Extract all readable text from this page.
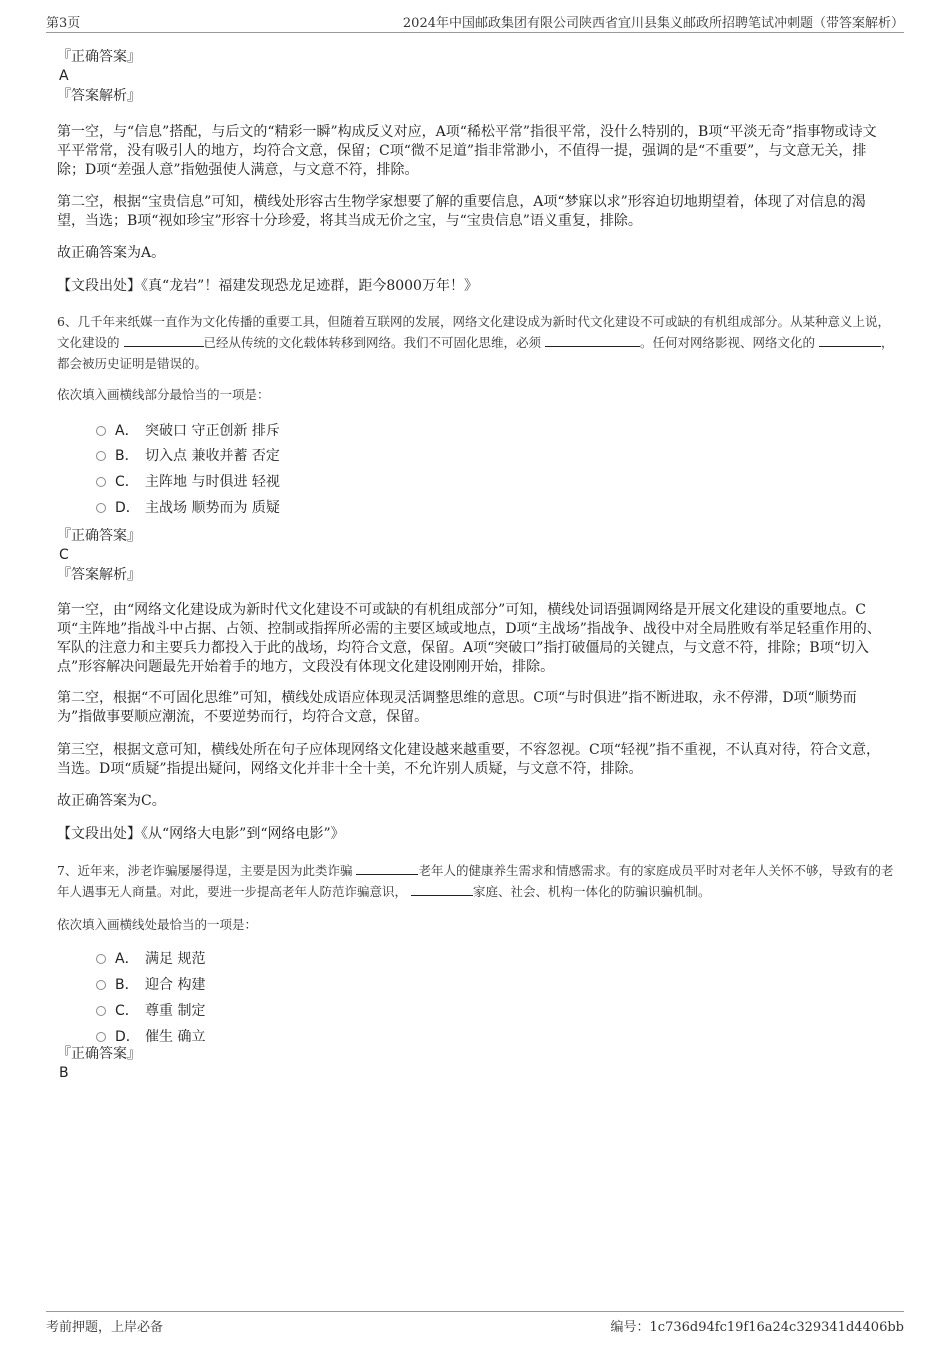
第3页	2024年中国邮政集团有限公司陕西省宜川县集义邮政所招聘笔试冲刺题（带答案解析）
『正确答案』
A
『答案解析』

第一空，与“信息”搭配，与后文的“精彩一瞬”构成反义对应，A项“稀松平常”指很平常，没什么特别的，B项“平淡无奇”指事物或诗文平平常常，没有吸引人的地方，均符合文意，保留；C项“微不足道”指非常渺小，不值得一提，强调的是“不重要”，与文意无关，排除；D项“差强人意”指勉强使人满意，与文意不符，排除。

第二空，根据“宝贵信息”可知，横线处形容古生物学家想要了解的重要信息，A项“梦寐以求”形容迫切地期望着，体现了对信息的渴望，当选；B项“视如珍宝”形容十分珍爱，将其当成无价之宝，与“宝贵信息”语义重复，排除。

故正确答案为A。

【文段出处】《真“龙岩”！福建发现恐龙足迹群，距今8000万年！》

6、几千年来纸媒一直作为文化传播的重要工具，但随着互联网的发展，网络文化建设成为新时代文化建设不可或缺的有机组成部分。从某种意义上说，文化建设的	已经从传统的文化载体转移到网络。我们不可固化思维，必须	。任何对网络影视、网络文化的	，都会被历史证明是错误的。

依次填入画横线部分最恰当的一项是：

A． 突破口 守正创新 排斥
B． 切入点 兼收并蓄 否定
C． 主阵地 与时俱进 轻视
D． 主战场 顺势而为 质疑
『正确答案』
C
『答案解析』

第一空，由“网络文化建设成为新时代文化建设不可或缺的有机组成部分”可知，横线处词语强调网络是开展文化建设的重要地点。C项“主阵地”指战斗中占据、占领、控制或指挥所必需的主要区域或地点，D项“主战场”指战争、战役中对全局胜败有举足轻重作用的、军队的注意力和主要兵力都投入于此的战场，均符合文意，保留。A项“突破口”指打破僵局的关键点，与文意不符，排除；B项“切入点”形容解决问题最先开始着手的地方，文段没有体现文化建设刚刚开始，排除。

第二空，根据“不可固化思维”可知，横线处成语应体现灵活调整思维的意思。C项“与时俱进”指不断进取，永不停滞，D项“顺势而为”指做事要顺应潮流，不要逆势而行，均符合文意，保留。

第三空，根据文意可知，横线处所在句子应体现网络文化建设越来越重要，不容忽视。C项“轻视”指不重视，不认真对待，符合文意，当选。D项“质疑”指提出疑问，网络文化并非十全十美，不允许别人质疑，与文意不符，排除。

故正确答案为C。

【文段出处】《从“网络大电影”到“网络电影”》

7、近年来，涉老诈骗屡屡得逞，主要是因为此类诈骗	老年人的健康养生需求和情感需求。有的家庭成员平时对老年人关怀不够，导致有的老年人遇事无人商量。对此，要进一步提高老年人防范诈骗意识，	家庭、社会、机构一体化的防骗识骗机制。

依次填入画横线处最恰当的一项是：

A． 满足 规范
B． 迎合 构建
C． 尊重 制定
D． 催生 确立
『正确答案』
B
考前押题，上岸必备	编号：1c736d94fc19f16a24c329341d4406bb
